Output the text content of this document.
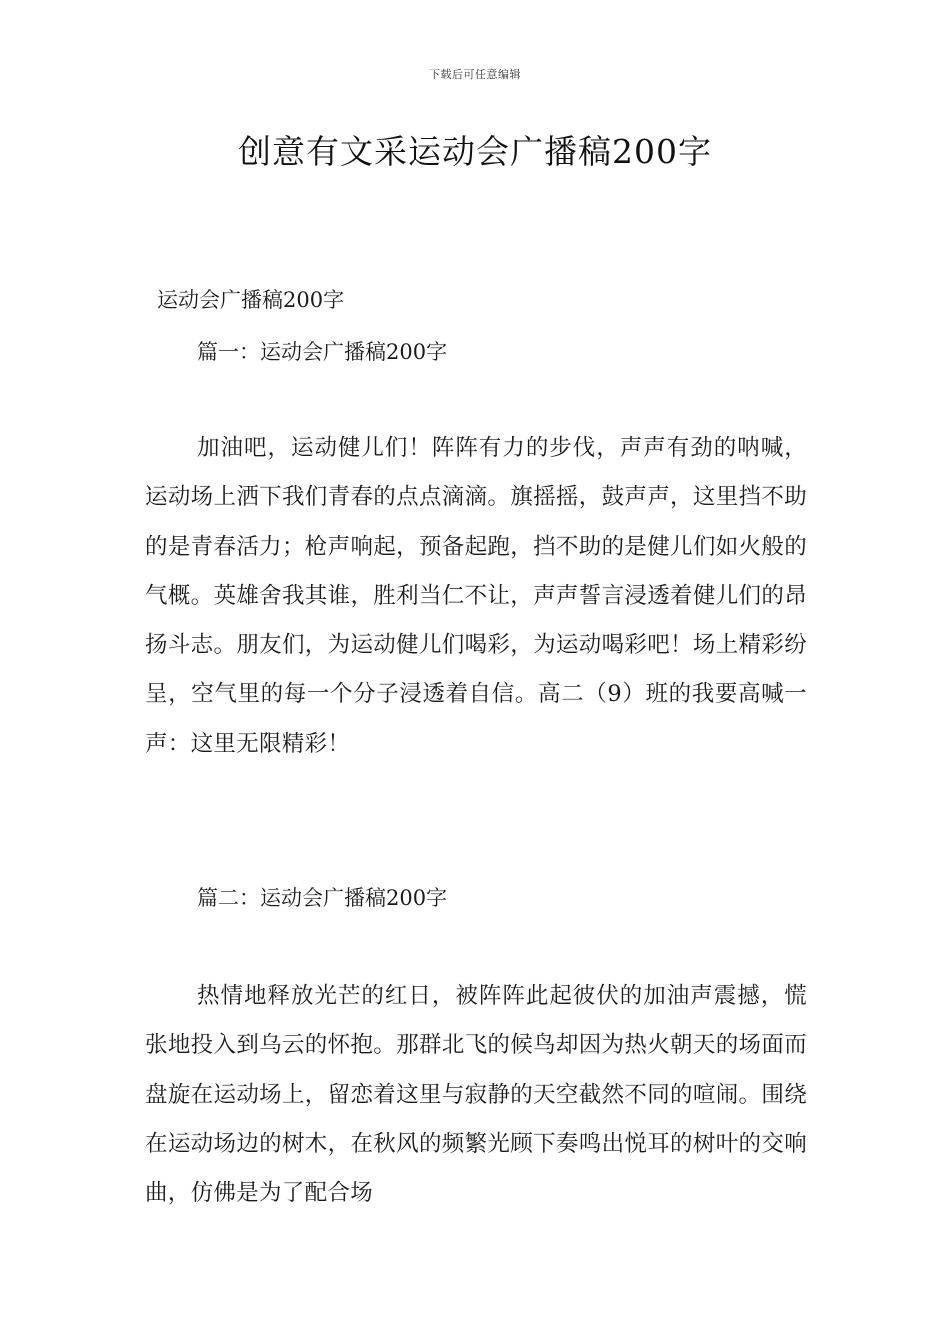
下载后可任意编辑
创意有文采运动会广播稿200字

运动会广播稿200字

篇一：运动会广播稿200字

加油吧，运动健儿们！阵阵有力的步伐，声声有劲的呐喊，运动场上洒下我们青春的点点滴滴。旗摇摇，鼓声声，这里挡不助的是青春活力；枪声响起，预备起跑，挡不助的是健儿们如火般的气概。英雄舍我其谁，胜利当仁不让，声声誓言浸透着健儿们的昂扬斗志。朋友们，为运动健儿们喝彩，为运动喝彩吧！场上精彩纷呈，空气里的每一个分子浸透着自信。高二（9）班的我要高喊一声：这里无限精彩！

篇二：运动会广播稿200字

热情地释放光芒的红日，被阵阵此起彼伏的加油声震撼，慌张地投入到乌云的怀抱。那群北飞的候鸟却因为热火朝天的场面而盘旋在运动场上，留恋着这里与寂静的天空截然不同的喧闹。围绕在运动场边的树木，在秋风的频繁光顾下奏鸣出悦耳的树叶的交响曲，仿佛是为了配合场
